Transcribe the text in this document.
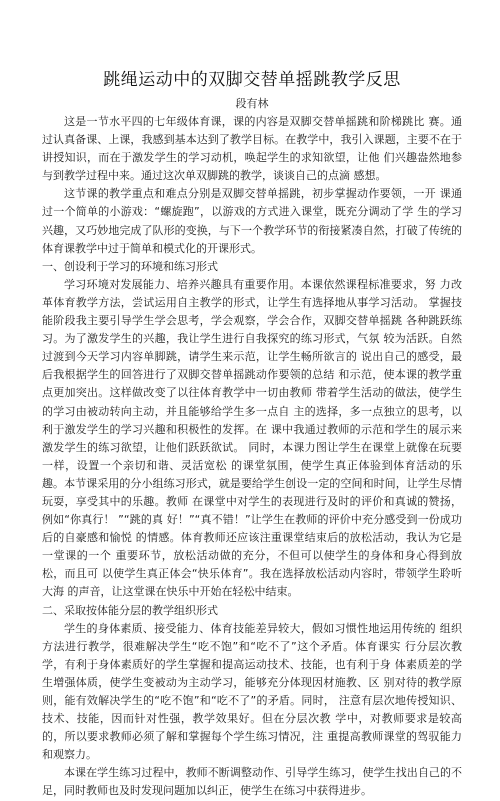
跳绳运动中的双脚交替单摇跳教学反思
段有林

这是一节水平四的七年级体育课，课的内容是双脚交替单摇跳和阶梯跳比 赛。通过认真备课、上课，我感到基本达到了教学目标。在教学中，我引入课题，主要不在于讲授知识，而在于激发学生的学习动机，唤起学生的求知欲望，让他 们兴趣盎然地参与到教学过程中来。通过这次单双脚跳的教学，谈谈自己的点滴 感想。

这节课的教学重点和难点分别是双脚交替单摇跳，初步掌握动作要领，一开 课通过一个简单的小游戏：“螺旋跑”，以游戏的方式进入课堂，既充分调动了学 生的学习兴趣，又巧妙地完成了队形的变换，与下一个教学环节的衔接紧凑自然，打破了传统的体育课教学中过于简单和模式化的开课形式。

一、创设利于学习的环境和练习形式

学习环境对发展能力、培养兴趣具有重要作用。本课依然课程标准要求，努 力改革体育教学方法，尝试运用自主教学的形式，让学生有选择地从事学习活动。 掌握技能阶段我主要引导学生学会思考，学会观察，学会合作，双脚交替单摇跳 各种跳跃练习。为了激发学生的兴趣，我让学生进行自我探究的练习形式，气氛 较为活跃。自然过渡到今天学习内容单脚跳，请学生来示范，让学生畅所欲言的 说出自己的感受，最后我根据学生的回答进行了双脚交替单摇跳动作要领的总结 和示范，使本课的教学重点更加突出。这样做改变了以往体育教学中一切由教师 带着学生活动的做法，使学生的学习由被动转向主动，并且能够给学生多一点自 主的选择，多一点独立的思考，以利于激发学生的学习兴趣和积极性的发挥。在 课中我通过教师的示范和学生的展示来激发学生的练习欲望，让他们跃跃欲试。 同时，本课力图让学生在课堂上就像在玩要一样，设置一个亲切和谐、灵活宽松 的课堂氛围，使学生真正体验到体育活动的乐趣。本节课采用的分小组练习形式，就是要给学生创设一定的空间和时间，让学生尽情玩耍，享受其中的乐趣。教师 在课堂中对学生的表现进行及时的评价和真诚的赞扬，例如“你真行！ ”“跳的真 好！”“真不错！”让学生在教师的评价中充分感受到一份成功后的自豪感和愉悦 的情感。体育教师还应该注重课堂结束后的放松活动，我认为它是一堂课的一个 重要环节，放松活动做的充分，不但可以使学生的身体和身心得到放松，而且可 以使学生真正体会“快乐体育”。我在选择放松活动内容时，带领学生聆听大海 的声音，让这堂课在快乐中开始在轻松中结束。

二、采取按体能分层的教学组织形式

学生的身体素质、接受能力、体育技能差异较大，假如习惯性地运用传统的 组织方法进行教学，很难解决学生“吃不饱”和“吃不了”这个矛盾。体育课实 行分层次教学，有利于身体素质好的学生掌握和提高运动技术、技能，也有利于身 体素质差的学生增强体质，使学生变被动为主动学习，能够充分体现因材施教、区 别对待的教学原则，能有效解决学生的“吃不饱”和“吃不了”的矛盾。同时， 注意有层次地传授知识、技术、技能，因而针对性强，教学效果好。但在分层次教 学中，对教师要求是较高的，所以要求教师必须了解和掌握每个学生练习情况，注 重提高教师课堂的驾驭能力和观察力。

本课在学生练习过程中，教师不断调整动作、引导学生练习，使学生找出自己的不足，同时教师也及时发现问题加以纠正，使学生在练习中获得进步。
